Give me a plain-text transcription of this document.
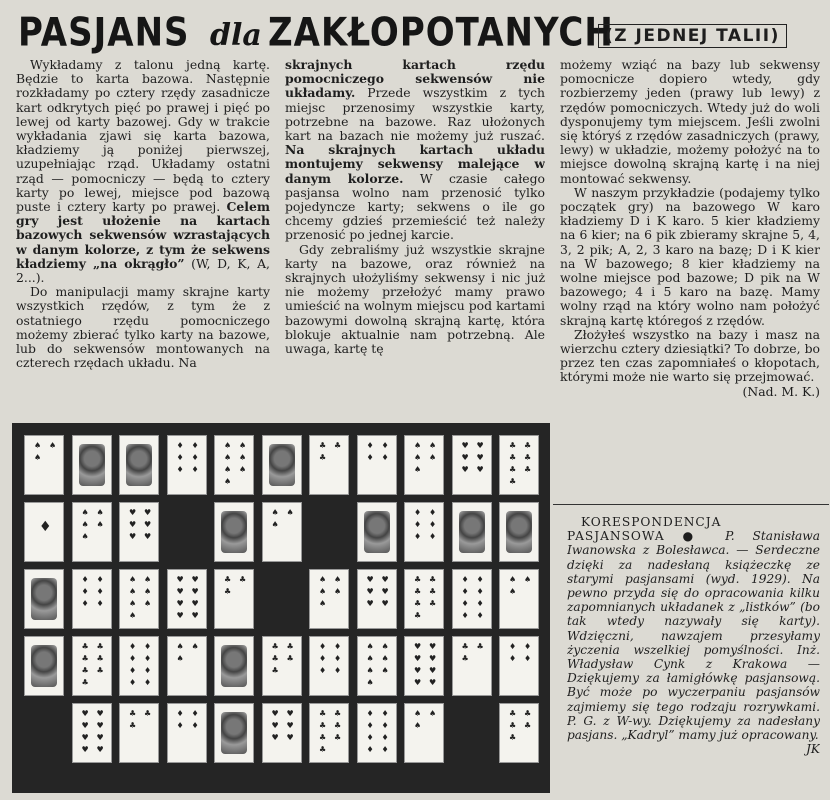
PASJANS dla ZAKŁOPOTANYCH
(Z JEDNEJ TALII)

Wykładamy z talonu jedną kartę. Będzie to karta bazowa. Następnie rozkładamy po cztery rzędy zasadnicze kart odkrytych pięć po prawej i pięć po lewej od karty bazowej. Gdy w trakcie wykładania zjawi się karta bazowa, kładziemy ją poniżej pierwszej, uzupełniając rząd. Układamy ostatni rząd — pomocniczy — będą to cztery karty po lewej, miejsce pod bazową puste i cztery karty po prawej. Celem gry jest ułożenie na kartach bazowych sekwensów wzrastających w danym kolorze, z tym że sekwens kładziemy „na okrągło” (W, D, K, A, 2...).

Do manipulacji mamy skrajne karty wszystkich rzędów, z tym że z ostatniego rzędu pomocniczego możemy zbierać tylko karty na bazowe, lub do sekwensów montowanych na czterech rzędach układu. Na

skrajnych kartach rzędu pomocniczego sekwensów nie układamy. Przede wszystkim z tych miejsc przenosimy wszystkie karty, potrzebne na bazowe. Raz ułożonych kart na bazach nie możemy już ruszać. Na skrajnych kartach układu montujemy sekwensy malejące w danym kolorze. W czasie całego pasjansa wolno nam przenosić tylko pojedyncze karty; sekwens o ile go chcemy gdzieś przemieścić też należy przenosić po jednej karcie.

Gdy zebraliśmy już wszystkie skrajne karty na bazowe, oraz również na skrajnych ułożyliśmy sekwensy i nic już nie możemy przełożyć mamy prawo umieścić na wolnym miejscu pod kartami bazowymi dowolną skrajną kartę, która blokuje aktualnie nam potrzebną. Ale uwaga, kartę tę

możemy wziąć na bazy lub sekwensy pomocnicze dopiero wtedy, gdy rozbierzemy jeden (prawy lub lewy) z rzędów pomocniczych. Wtedy już do woli dysponujemy tym miejscem. Jeśli zwolni się któryś z rzędów zasadniczych (prawy, lewy) w układzie, możemy położyć na to miejsce dowolną skrajną kartę i na niej montować sekwensy.

W naszym przykładzie (podajemy tylko początek gry) na bazowego W karo kładziemy D i K karo. 5 kier kładziemy na 6 kier; na 6 pik zbieramy skrajne 5, 4, 3, 2 pik; A, 2, 3 karo na bazę; D i K kier na W bazowego; 8 kier kładziemy na wolne miejsce pod bazowe; D pik na W bazowego; 4 i 5 karo na bazę. Mamy wolny rząd na który wolno nam położyć skrajną kartę któregoś z rzędów.

Złożyłeś wszystko na bazy i masz na wierzchu cztery dziesiątki? To dobrze, bo przez ten czas zapomniałeś o kłopotach, którymi może nie warto się przejmować.

(Nad. M. K.)

KORESPONDENCJA PASJANSOWA ● P. Stanisława Iwanowska z Bolesławca. — Serdeczne dzięki za nadesłaną książeczkę ze starymi pasjansami (wyd. 1929). Na pewno przyda się do opracowania kilku zapomnianych układanek z „listków” (bo tak wtedy nazywały się karty). Wdzięczni, nawzajem przesyłamy życzenia wszelkiej pomyślności. Inż. Władysław Cynk z Krakowa — Dziękujemy za łamigłówkę pasjansową. Być może po wyczerpaniu pasjansów zajmiemy się tego rodzaju rozrywkami. P. G. z W-wy. Dziękujemy za nadesłany pasjans. „Kadryl” mamy już opracowany.

JK
♠ ♠
♠
♦ ♦
♦ ♦
♦ ♦
♠ ♠
♠ ♠
♠ ♠
♠
♣ ♣
♣
♦ ♦
♦ ♦
♠ ♠
♠ ♠
♠
♥ ♥
♥ ♥
♥ ♥
♣ ♣
♣ ♣
♣ ♣
♣
♦
♠ ♠
♠ ♠
♠
♥ ♥
♥ ♥
♥ ♥
♠ ♠
♠
♦ ♦
♦ ♦
♦ ♦
♦ ♦
♦ ♦
♦ ♦
♠ ♠
♠ ♠
♠ ♠
♠
♥ ♥
♥ ♥
♥ ♥
♥ ♥
♣ ♣
♣
♠ ♠
♠ ♠
♠
♥ ♥
♥ ♥
♥ ♥
♣ ♣
♣ ♣
♣ ♣
♣
♦ ♦
♦ ♦
♦ ♦
♦ ♦
♠ ♠
♠
♣ ♣
♣ ♣
♣ ♣
♣
♦ ♦
♦ ♦
♦ ♦
♦ ♦
♠ ♠
♠
♣ ♣
♣ ♣
♣
♦ ♦
♦ ♦
♦ ♦
♠ ♠
♠ ♠
♠ ♠
♠
♥ ♥
♥ ♥
♥ ♥
♥ ♥
♣ ♣
♣
♦ ♦
♦ ♦
♥ ♥
♥ ♥
♥ ♥
♥ ♥
♣ ♣
♣
♦ ♦
♦ ♦
♥ ♥
♥ ♥
♥ ♥
♣ ♣
♣ ♣
♣ ♣
♣
♦ ♦
♦ ♦
♦ ♦
♦ ♦
♠ ♠
♠
♣ ♣
♣ ♣
♣
